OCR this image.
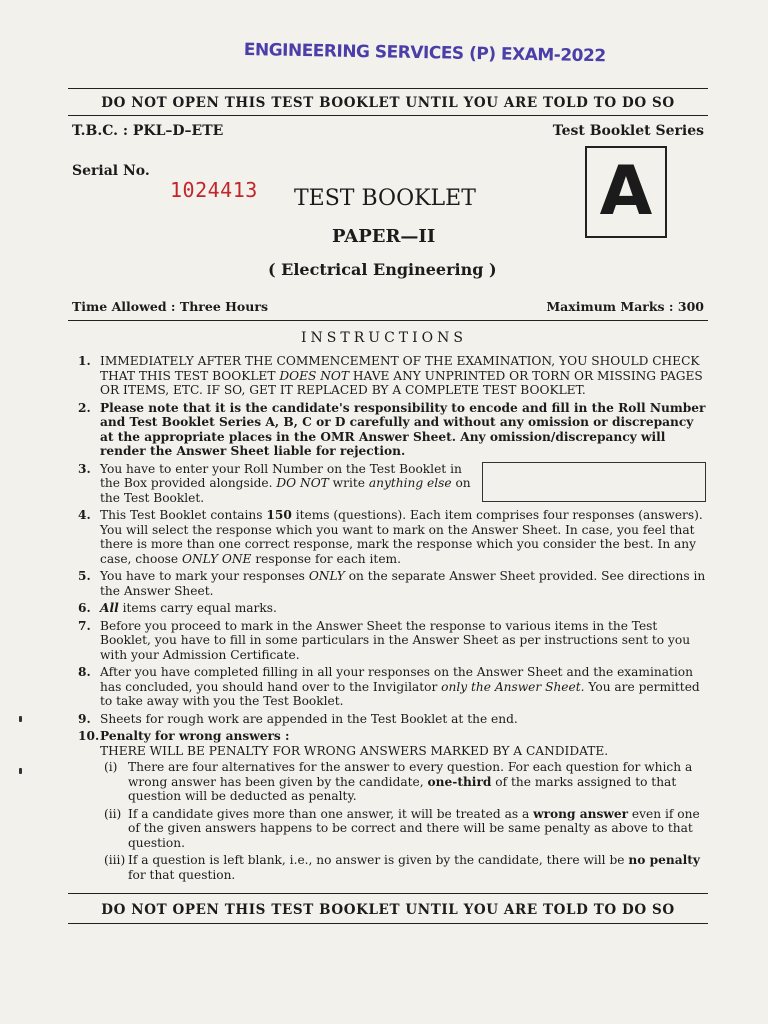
ENGINEERING SERVICES (P) EXAM-2022
DO NOT OPEN THIS TEST BOOKLET UNTIL YOU ARE TOLD TO DO SO
T.B.C. : PKL–D–ETE	Test Booklet Series
Serial No.
1024413 TEST BOOKLET
PAPER—II
( Electrical Engineering )
A
Time Allowed : Three Hours	Maximum Marks : 300
INSTRUCTIONS
1. IMMEDIATELY AFTER THE COMMENCEMENT OF THE EXAMINATION, YOU SHOULD CHECK THAT THIS TEST BOOKLET DOES NOT HAVE ANY UNPRINTED OR TORN OR MISSING PAGES OR ITEMS, ETC. IF SO, GET IT REPLACED BY A COMPLETE TEST BOOKLET.
2. Please note that it is the candidate's responsibility to encode and fill in the Roll Number and Test Booklet Series A, B, C or D carefully and without any omission or discrepancy at the appropriate places in the OMR Answer Sheet. Any omission/discrepancy will render the Answer Sheet liable for rejection.
3. You have to enter your Roll Number on the Test Booklet in the Box provided alongside. DO NOT write anything else on the Test Booklet.
4. This Test Booklet contains 150 items (questions). Each item comprises four responses (answers). You will select the response which you want to mark on the Answer Sheet. In case, you feel that there is more than one correct response, mark the response which you consider the best. In any case, choose ONLY ONE response for each item.
5. You have to mark your responses ONLY on the separate Answer Sheet provided. See directions in the Answer Sheet.
6. All items carry equal marks.
7. Before you proceed to mark in the Answer Sheet the response to various items in the Test Booklet, you have to fill in some particulars in the Answer Sheet as per instructions sent to you with your Admission Certificate.
8. After you have completed filling in all your responses on the Answer Sheet and the examination has concluded, you should hand over to the Invigilator only the Answer Sheet. You are permitted to take away with you the Test Booklet.
9. Sheets for rough work are appended in the Test Booklet at the end.
10. Penalty for wrong answers :
THERE WILL BE PENALTY FOR WRONG ANSWERS MARKED BY A CANDIDATE.
(i) There are four alternatives for the answer to every question. For each question for which a wrong answer has been given by the candidate, one-third of the marks assigned to that question will be deducted as penalty.
(ii) If a candidate gives more than one answer, it will be treated as a wrong answer even if one of the given answers happens to be correct and there will be same penalty as above to that question.
(iii) If a question is left blank, i.e., no answer is given by the candidate, there will be no penalty for that question.
DO NOT OPEN THIS TEST BOOKLET UNTIL YOU ARE TOLD TO DO SO
